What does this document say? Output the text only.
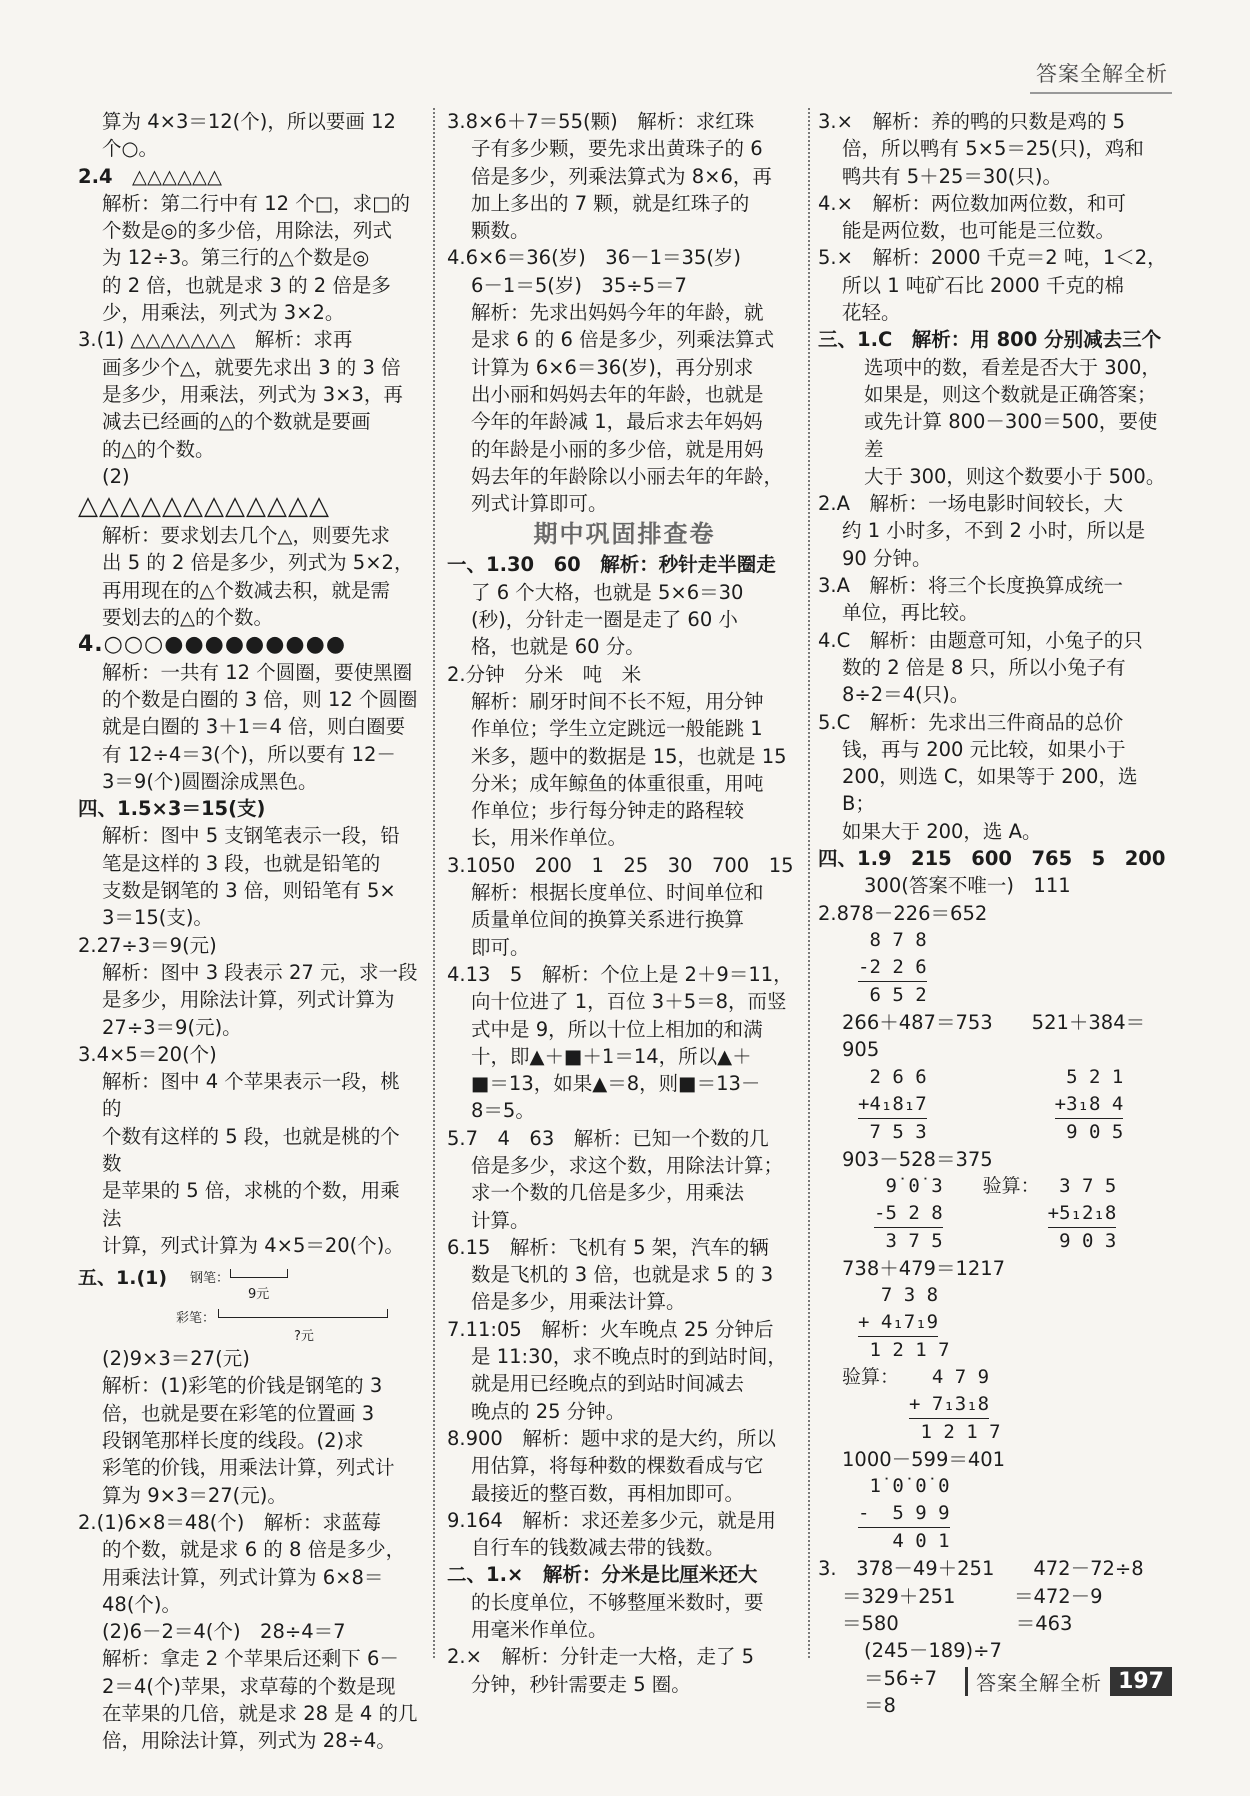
答案全解全析

算为 4×3＝12(个)，所以要画 12

个○。

2.4　△△△△△△

解析：第二行中有 12 个□，求□的

个数是◎的多少倍，用除法，列式

为 12÷3。第三行的△个数是◎

的 2 倍，也就是求 3 的 2 倍是多

少，用乘法，列式为 3×2。

3.(1) △△△△△△△　解析：求再

画多少个△，就要先求出 3 的 3 倍

是多少，用乘法，列式为 3×3，再

减去已经画的△的个数就是要画

的△的个数。

(2)

△△△△△△△△△△△△

解析：要求划去几个△，则要先求

出 5 的 2 倍是多少，列式为 5×2，

再用现在的△个数减去积，就是需

要划去的△的个数。

4.○○○●●●●●●●●●

解析：一共有 12 个圆圈，要使黑圈

的个数是白圈的 3 倍，则 12 个圆圈

就是白圈的 3＋1＝4 倍，则白圈要

有 12÷4＝3(个)，所以要有 12－

3＝9(个)圆圈涂成黑色。

四、1.5×3＝15(支)

解析：图中 5 支钢笔表示一段，铅

笔是这样的 3 段，也就是铅笔的

支数是钢笔的 3 倍，则铅笔有 5×

3＝15(支)。

2.27÷3＝9(元)

解析：图中 3 段表示 27 元，求一段

是多少，用除法计算，列式计算为

27÷3＝9(元)。

3.4×5＝20(个)

解析：图中 4 个苹果表示一段，桃的

个数有这样的 5 段，也就是桃的个数

是苹果的 5 倍，求桃的个数，用乘法

计算，列式计算为 4×5＝20(个)。

五、1.(1) 钢笔：
9元
彩笔：
?元

(2)9×3＝27(元)

解析：(1)彩笔的价钱是钢笔的 3

倍，也就是要在彩笔的位置画 3

段钢笔那样长度的线段。(2)求

彩笔的价钱，用乘法计算，列式计

算为 9×3＝27(元)。

2.(1)6×8＝48(个)　解析：求蓝莓

的个数，就是求 6 的 8 倍是多少，

用乘法计算，列式计算为 6×8＝

48(个)。

(2)6－2＝4(个)　28÷4＝7

解析：拿走 2 个苹果后还剩下 6－

2＝4(个)苹果，求草莓的个数是现

在苹果的几倍，就是求 28 是 4 的几

倍，用除法计算，列式为 28÷4。

3.8×6＋7＝55(颗)　解析：求红珠

子有多少颗，要先求出黄珠子的 6

倍是多少，列乘法算式为 8×6，再

加上多出的 7 颗，就是红珠子的

颗数。

4.6×6＝36(岁)　36－1＝35(岁)

6－1＝5(岁)　35÷5＝7

解析：先求出妈妈今年的年龄，就

是求 6 的 6 倍是多少，列乘法算式

计算为 6×6＝36(岁)，再分别求

出小丽和妈妈去年的年龄，也就是

今年的年龄减 1，最后求去年妈妈

的年龄是小丽的多少倍，就是用妈

妈去年的年龄除以小丽去年的年龄，

列式计算即可。

期中巩固排查卷

一、1.30　60　解析：秒针走半圈走

了 6 个大格，也就是 5×6＝30

(秒)，分针走一圈是走了 60 小

格，也就是 60 分。

2.分钟　分米　吨　米

解析：刷牙时间不长不短，用分钟

作单位；学生立定跳远一般能跳 1

米多，题中的数据是 15，也就是 15

分米；成年鲸鱼的体重很重，用吨

作单位；步行每分钟走的路程较

长，用米作单位。

3.1050　200　1　25　30　700　15

解析：根据长度单位、时间单位和

质量单位间的换算关系进行换算

即可。

4.13　5　解析：个位上是 2＋9＝11，

向十位进了 1，百位 3＋5＝8，而竖

式中是 9，所以十位上相加的和满

十，即▲＋■＋1＝14，所以▲＋

■＝13，如果▲＝8，则■＝13－

8＝5。

5.7　4　63　解析：已知一个数的几

倍是多少，求这个数，用除法计算；

求一个数的几倍是多少，用乘法

计算。

6.15　解析：飞机有 5 架，汽车的辆

数是飞机的 3 倍，也就是求 5 的 3

倍是多少，用乘法计算。

7.11:05　解析：火车晚点 25 分钟后

是 11:30，求不晚点时的到站时间，

就是用已经晚点的到站时间减去

晚点的 25 分钟。

8.900　解析：题中求的是大约，所以

用估算，将每种数的棵数看成与它

最接近的整百数，再相加即可。

9.164　解析：求还差多少元，就是用

自行车的钱数减去带的钱数。

二、1.×　解析：分米是比厘米还大

的长度单位，不够整厘米数时，要

用毫米作单位。

2.×　解析：分针走一大格，走了 5

分钟，秒针需要走 5 圈。

3.×　解析：养的鸭的只数是鸡的 5

倍，所以鸭有 5×5＝25(只)，鸡和

鸭共有 5＋25＝30(只)。

4.×　解析：两位数加两位数，和可

能是两位数，也可能是三位数。

5.×　解析：2000 千克＝2 吨，1＜2，

所以 1 吨矿石比 2000 千克的棉

花轻。

三、1.C　解析：用 800 分别减去三个

选项中的数，看差是否大于 300，

如果是，则这个数就是正确答案；

或先计算 800－300＝500，要使差

大于 300，则这个数要小于 500。

2.A　解析：一场电影时间较长，大

约 1 小时多，不到 2 小时，所以是

90 分钟。

3.A　解析：将三个长度换算成统一

单位，再比较。

4.C　解析：由题意可知，小兔子的只

数的 2 倍是 8 只，所以小兔子有

8÷2＝4(只)。

5.C　解析：先求出三件商品的总价

钱，再与 200 元比较，如果小于

200，则选 C，如果等于 200，选 B；

如果大于 200，选 A。

四、1.9　215　600　765　5　200

300(答案不唯一)　111

2.878－226＝652

8 7 8
-2 2 6
6 5 2

266＋487＝753　　521＋384＝905

2 6 6
+4₁8₁7
7 5 3
5 2 1
+3₁8 4
9 0 5

903－528＝375

9̇ 0̇ 3
-5 2 8
3 7 5
验算： 3 7 5
+5₁2₁8
9 0 3

738＋479＝1217

7 3 8
+ 4₁7₁9
1 2 1 7
验算： 4 7 9
+ 7₁3₁8
1 2 1 7

1000－599＝401

1̇ 0̇ 0̇ 0
-  5 9 9
4 0 1

3.　378－49＋251　　472－72÷8

＝329＋251　　　＝472－9

＝580　　　　　　＝463

(245－189)÷7

＝56÷7

＝8

答案全解全析 197
